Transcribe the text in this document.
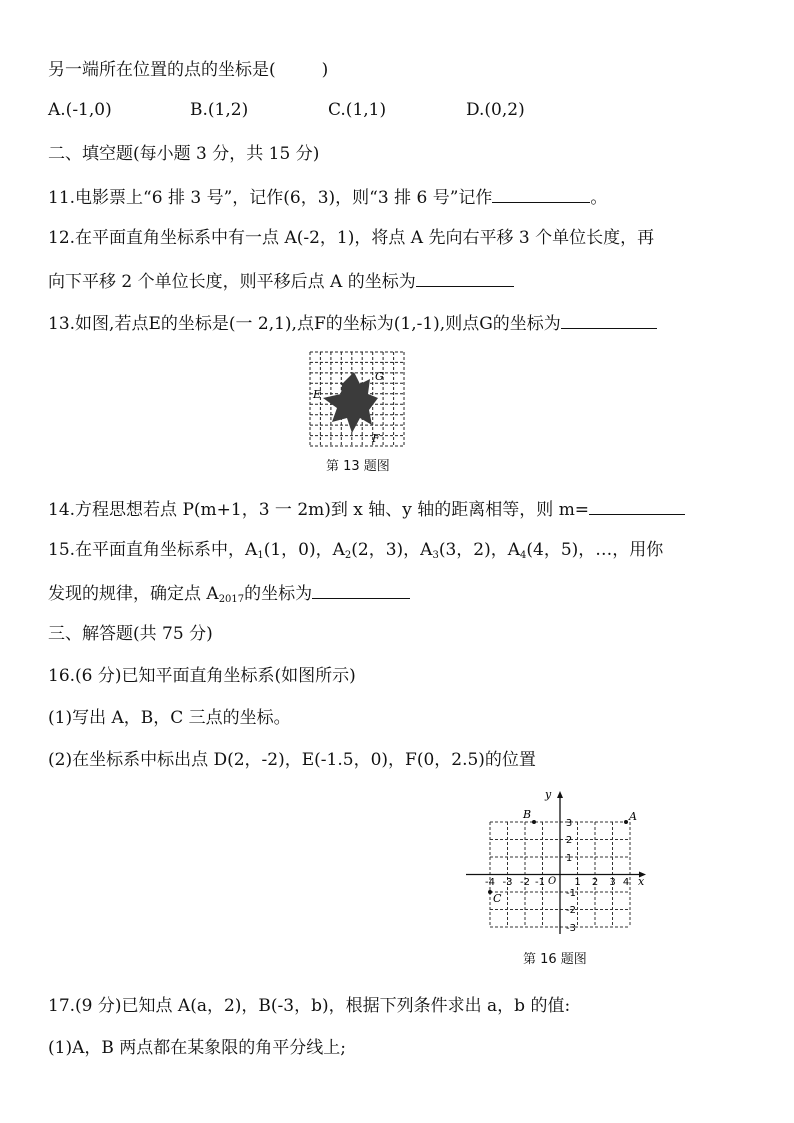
另一端所在位置的点的坐标是(	)
A.(-1,0)	B.(1,2)	C.(1,1)	D.(0,2)
二、填空题(每小题 3 分，共 15 分)
11.电影票上“6 排 3 号”，记作(6，3)，则“3 排 6 号”记作	。
12.在平面直角坐标系中有一点 A(-2，1)，将点 A 先向右平移 3 个单位长度，再
向下平移 2 个单位长度，则平移后点 A 的坐标为
13.如图,若点E的坐标是(一 2,1),点F的坐标为(1,-1),则点G的坐标为
E
G
F
第 13 题图
14.方程思想若点 P(m+1，3 一 2m)到 x 轴、y 轴的距离相等，则 m=
15.在平面直角坐标系中，$A_1(1$，0)，$A_2(2$，3)，$A_3(3$，2)，$A_4(4$，5)，…，用你
发现的规律，确定点 $A_{2017}$的坐标为
三、解答题(共 75 分)
16.(6 分)已知平面直角坐标系(如图所示)
(1)写出 A，B，C 三点的坐标。
(2)在坐标系中标出点 D(2，-2)，E(-1.5，0)，F(0，2.5)的位置
A
B
C
x
y
O
-4 -3 -2 -1	1 2 3 4
3
2
1
-1
-2
-3
第 16 题图
17.(9 分)已知点 A(a，2)，B(-3，b)，根据下列条件求出 a，b 的值:
(1)A，B 两点都在某象限的角平分线上;
